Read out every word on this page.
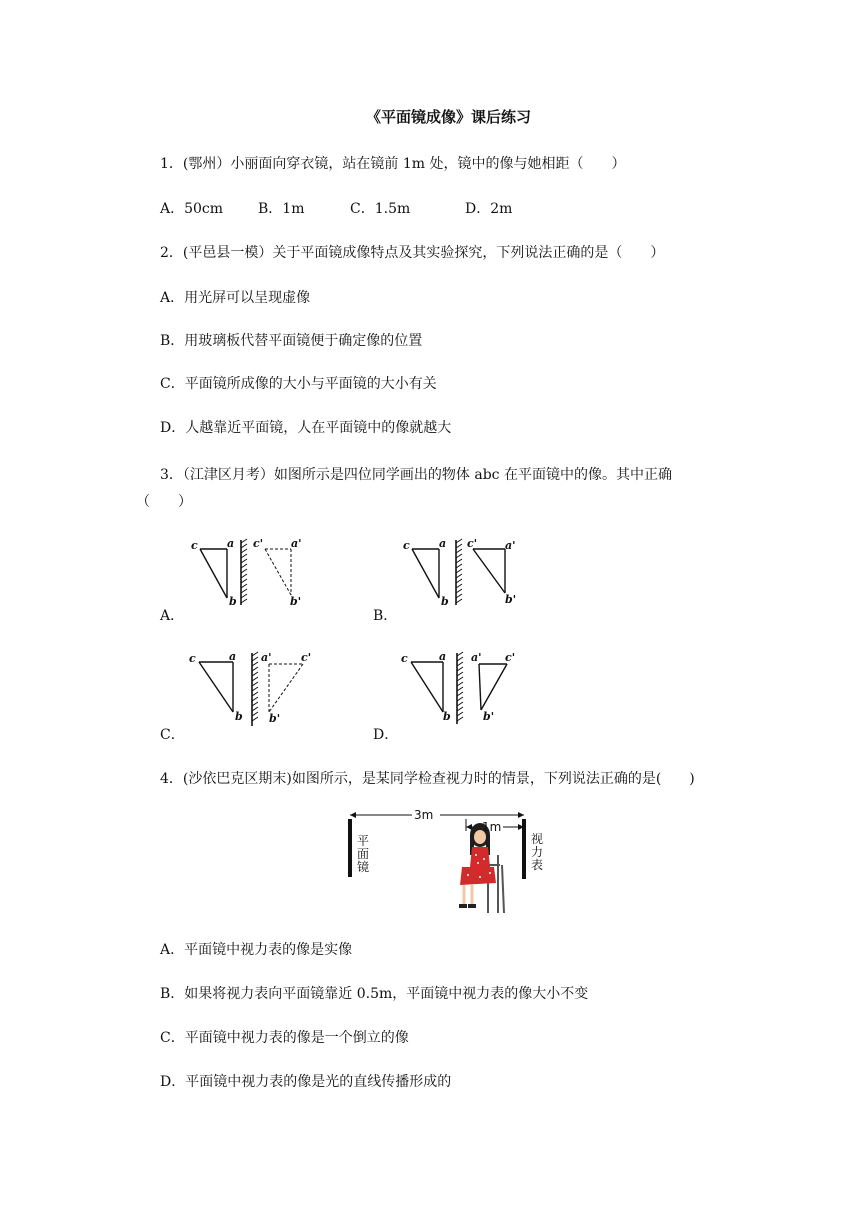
《平面镜成像》课后练习
1．(鄂州）小丽面向穿衣镜，站在镜前 1m 处，镜中的像与她相距（　　）
A．50cm B．1m	C．1.5m	D．2m
2．(平邑县一模）关于平面镜成像特点及其实验探究，下列说法正确的是（　　）
A．用光屏可以呈现虚像
B．用玻璃板代替平面镜便于确定像的位置
C．平面镜所成像的大小与平面镜的大小有关
D．人越靠近平面镜，人在平面镜中的像就越大
3．（江津区月考）如图所示是四位同学画出的物体 abc 在平面镜中的像。其中正确
（　　）
c	a
b
c'	a'
b'
A．
c	a
b
c'	a'
b'
B．
c	a
b
a'	c'
b'
C．
c	a
b
a' c'
b'
D．
4．(沙依巴克区期末)如图所示，是某同学检查视力时的情景，下列说法正确的是(　　)
3m
1m
平
面
镜
视
力
表
A．平面镜中视力表的像是实像
B．如果将视力表向平面镜靠近 0.5m，平面镜中视力表的像大小不变
C．平面镜中视力表的像是一个倒立的像
D．平面镜中视力表的像是光的直线传播形成的
